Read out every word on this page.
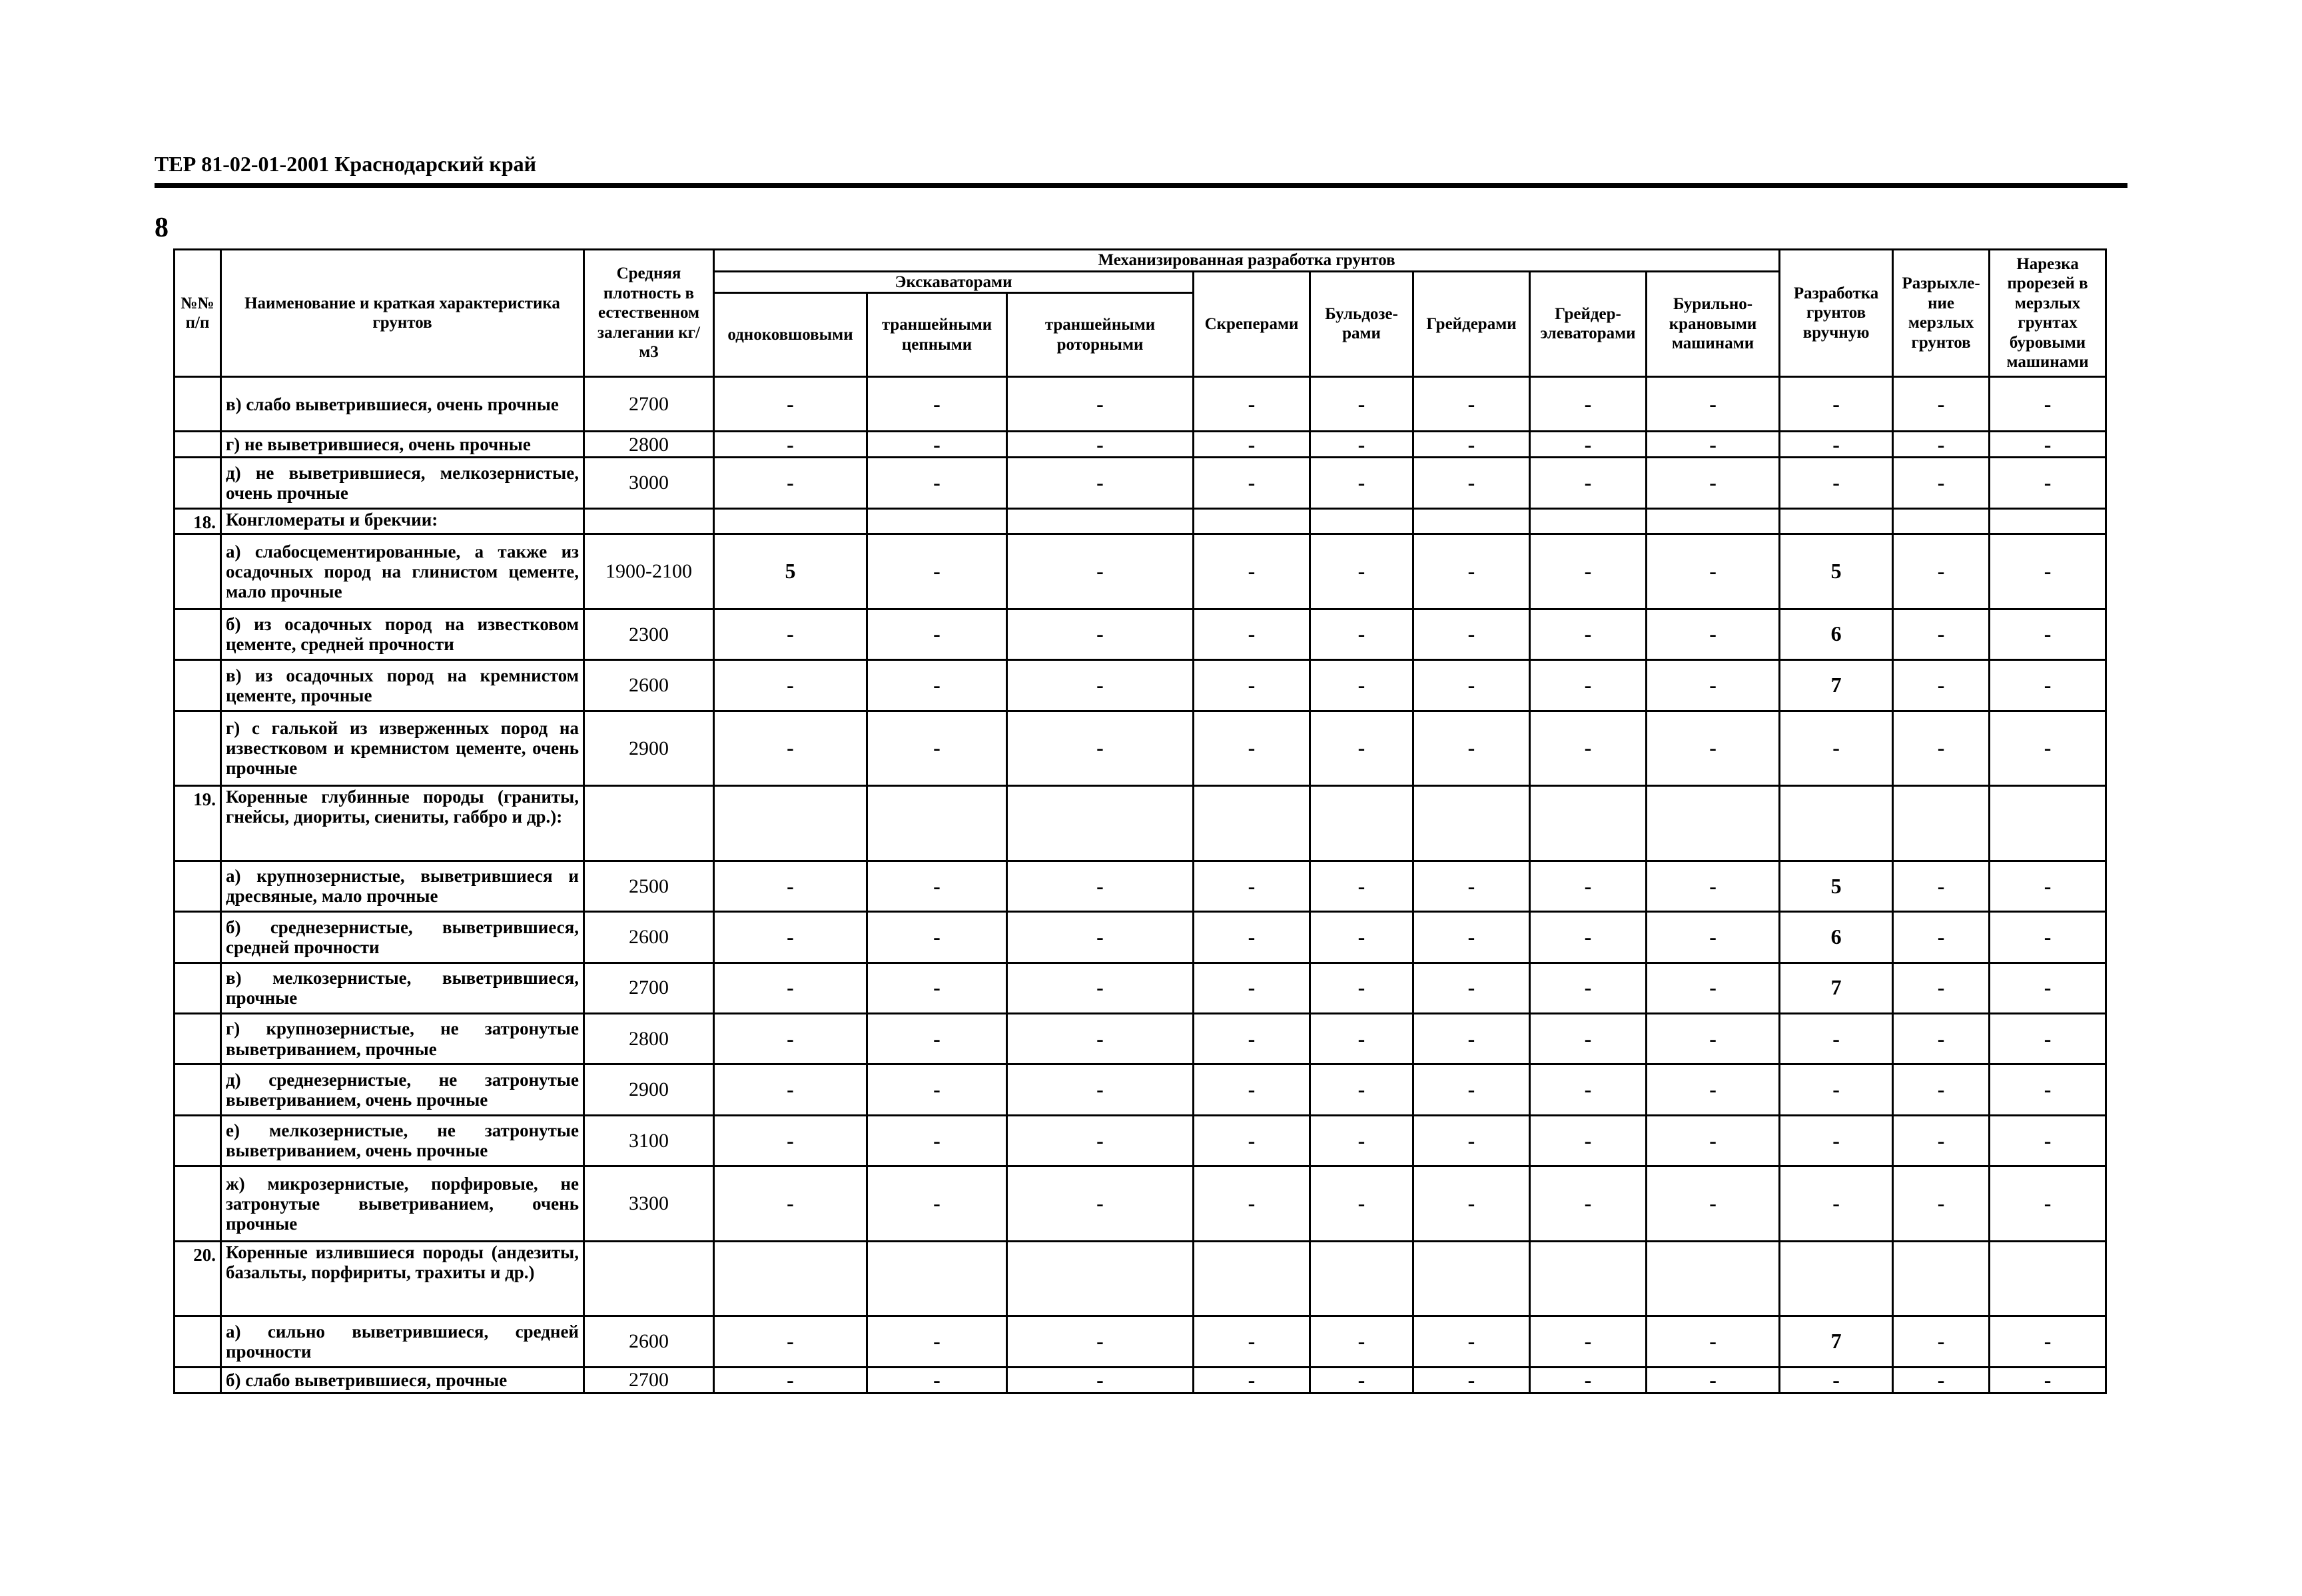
ТЕР 81-02-01-2001 Краснодарский край
8
№№ п/п	Наименование и краткая характеристика грунтов	Средняя плотность в естественном залегании кг/м3	Механизированная разработка грунтов								Разработка грунтов вручную	Разрыхле-ние мерзлых грунтов	Нарезка прорезей в мерзлых грунтах буровыми машинами
			Экскаваторами			Скреперами	Бульдозе-рами	Грейдерами	Грейдер-элеваторами	Бурильно-крановыми машинами			
			одноковшовыми	траншейными цепными	траншейными роторными								
	в) слабо выветрившиеся, очень прочные	2700	-	-	-	-	-	-	-	-	-	-	-
	г) не выветрившиеся, очень прочные	2800	-	-	-	-	-	-	-	-	-	-	-
	д) не выветрившиеся, мелкозернистые, очень прочные	3000	-	-	-	-	-	-	-	-	-	-	-
18.	Конгломераты и брекчии:												
	а) слабосцементированные, а также из осадочных пород на глинистом цементе, мало прочные	1900-2100	5	-	-	-	-	-	-	-	5	-	-
	б) из осадочных пород на известковом цементе, средней прочности	2300	-	-	-	-	-	-	-	-	6	-	-
	в) из осадочных пород на кремнистом цементе, прочные	2600	-	-	-	-	-	-	-	-	7	-	-
	г) с галькой из изверженных пород на известковом и кремнистом цементе, очень прочные	2900	-	-	-	-	-	-	-	-	-	-	-
19.	Коренные глубинные породы (граниты, гнейсы, диориты, сиениты, габбро и др.):												
	а) крупнозернистые, выветрившиеся и дресвяные, мало прочные	2500	-	-	-	-	-	-	-	-	5	-	-
	б) среднезернистые, выветрившиеся, средней прочности	2600	-	-	-	-	-	-	-	-	6	-	-
	в) мелкозернистые, выветрившиеся, прочные	2700	-	-	-	-	-	-	-	-	7	-	-
	г) крупнозернистые, не затронутые выветриванием, прочные	2800	-	-	-	-	-	-	-	-	-	-	-
	д) среднезернистые, не затронутые выветриванием, очень прочные	2900	-	-	-	-	-	-	-	-	-	-	-
	е) мелкозернистые, не затронутые выветриванием, очень прочные	3100	-	-	-	-	-	-	-	-	-	-	-
	ж) микрозернистые, порфировые, не затронутые выветриванием, очень прочные	3300	-	-	-	-	-	-	-	-	-	-	-
20.	Коренные излившиеся породы (андезиты, базальты, порфириты, трахиты и др.)												
	а) сильно выветрившиеся, средней прочности	2600	-	-	-	-	-	-	-	-	7	-	-
	б) слабо выветрившиеся, прочные	2700	-	-	-	-	-	-	-	-	-	-	-
